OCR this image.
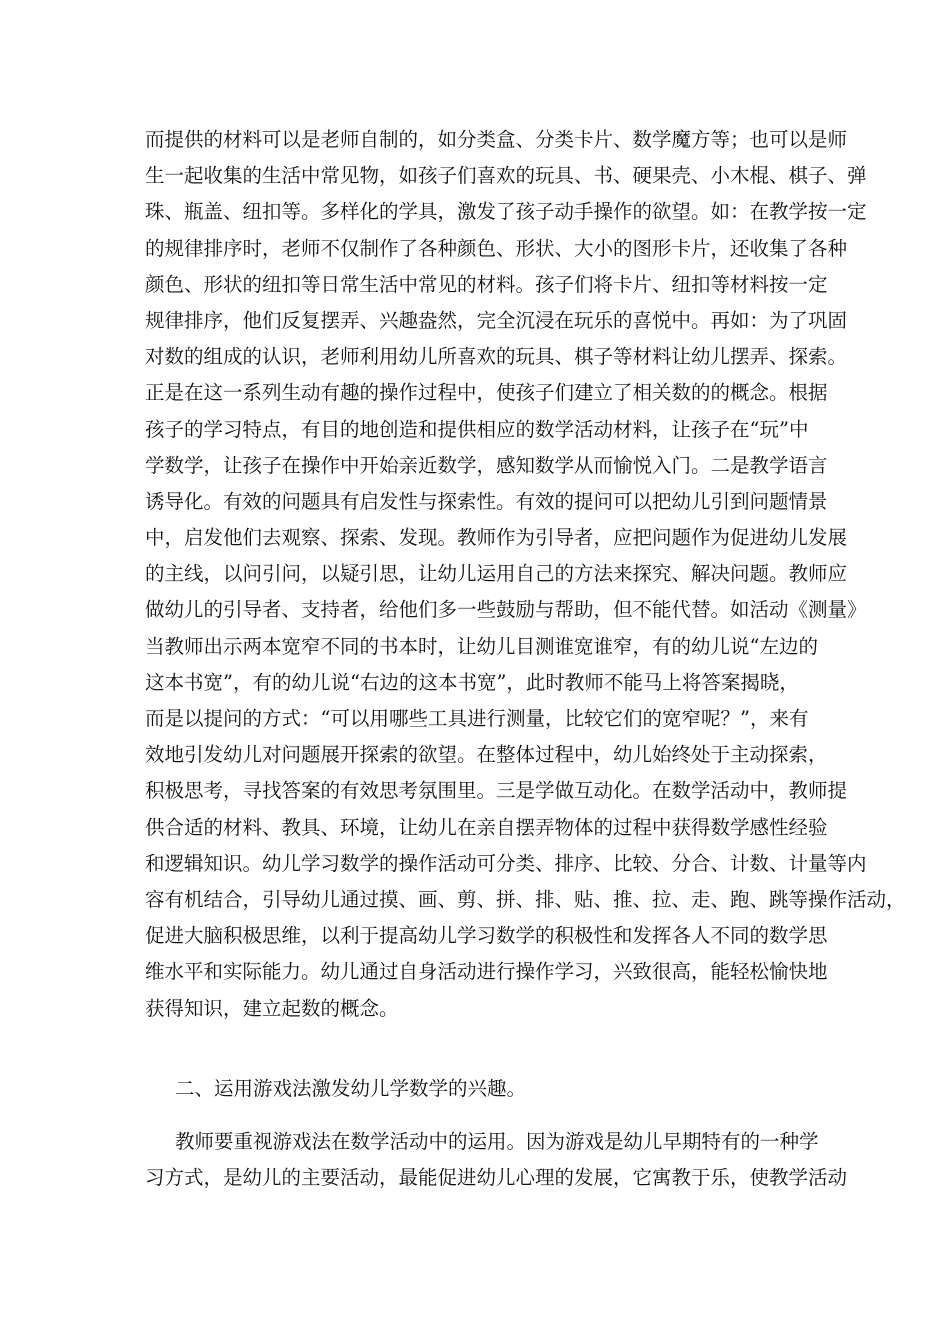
而提供的材料可以是老师自制的，如分类盒、分类卡片、数学魔方等；也可以是师
生一起收集的生活中常见物，如孩子们喜欢的玩具、书、硬果壳、小木棍、棋子、弹
珠、瓶盖、纽扣等。多样化的学具，激发了孩子动手操作的欲望。如：在教学按一定
的规律排序时，老师不仅制作了各种颜色、形状、大小的图形卡片，还收集了各种
颜色、形状的纽扣等日常生活中常见的材料。孩子们将卡片、纽扣等材料按一定
规律排序，他们反复摆弄、兴趣盎然，完全沉浸在玩乐的喜悦中。再如：为了巩固
对数的组成的认识，老师利用幼儿所喜欢的玩具、棋子等材料让幼儿摆弄、探索。
正是在这一系列生动有趣的操作过程中，使孩子们建立了相关数的的概念。根据
孩子的学习特点，有目的地创造和提供相应的数学活动材料，让孩子在“玩”中
学数学，让孩子在操作中开始亲近数学，感知数学从而愉悦入门。二是教学语言
诱导化。有效的问题具有启发性与探索性。有效的提问可以把幼儿引到问题情景
中，启发他们去观察、探索、发现。教师作为引导者，应把问题作为促进幼儿发展
的主线，以问引问，以疑引思，让幼儿运用自己的方法来探究、解决问题。教师应
做幼儿的引导者、支持者，给他们多一些鼓励与帮助，但不能代替。如活动《测量》
当教师出示两本宽窄不同的书本时，让幼儿目测谁宽谁窄，有的幼儿说“左边的
这本书宽”，有的幼儿说“右边的这本书宽”，此时教师不能马上将答案揭晓，
而是以提问的方式：“可以用哪些工具进行测量，比较它们的宽窄呢？”，来有
效地引发幼儿对问题展开探索的欲望。在整体过程中，幼儿始终处于主动探索，
积极思考，寻找答案的有效思考氛围里。三是学做互动化。在数学活动中，教师提
供合适的材料、教具、环境，让幼儿在亲自摆弄物体的过程中获得数学感性经验
和逻辑知识。幼儿学习数学的操作活动可分类、排序、比较、分合、计数、计量等内
容有机结合，引导幼儿通过摸、画、剪、拼、排、贴、推、拉、走、跑、跳等操作活动，
促进大脑积极思维，以利于提高幼儿学习数学的积极性和发挥各人不同的数学思
维水平和实际能力。幼儿通过自身活动进行操作学习，兴致很高，能轻松愉快地
获得知识，建立起数的概念。
二、运用游戏法激发幼儿学数学的兴趣。
教师要重视游戏法在数学活动中的运用。因为游戏是幼儿早期特有的一种学
习方式，是幼儿的主要活动，最能促进幼儿心理的发展，它寓教于乐，使教学活动
